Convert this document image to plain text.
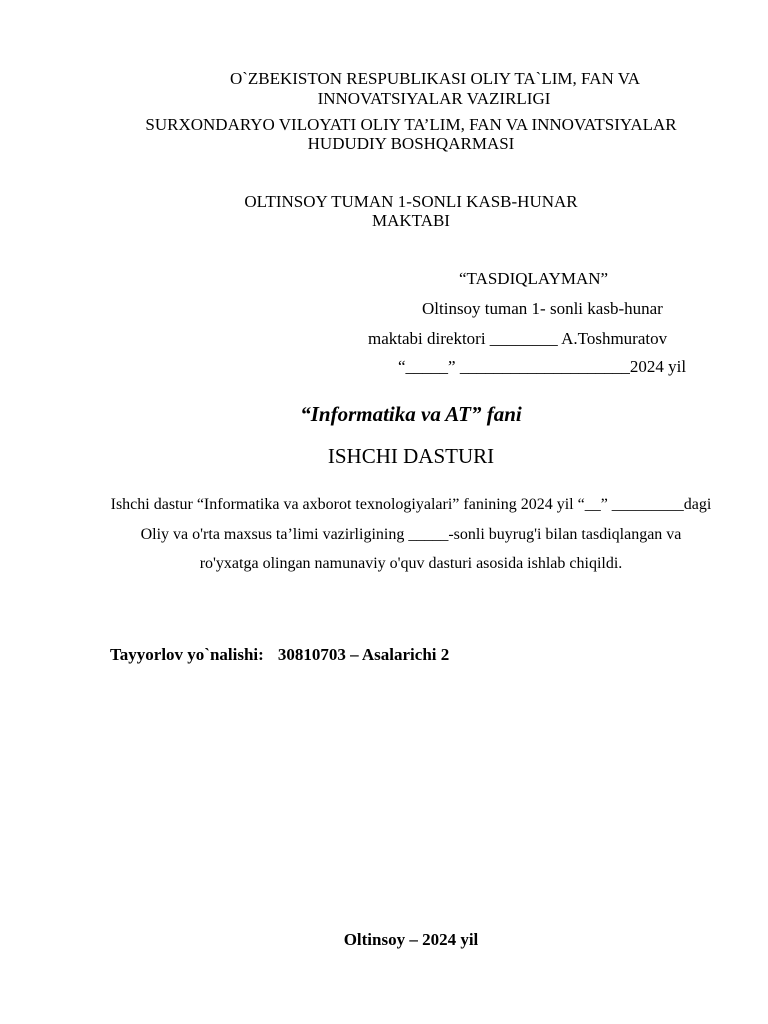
O`ZBEKISTON RESPUBLIKASI OLIY TA`LIM, FAN VA
INNOVATSIYALAR VAZIRLIGI
SURXONDARYO VILOYATI OLIY TA’LIM, FAN VA INNOVATSIYALAR
HUDUDIY BOSHQARMASI
OLTINSOY TUMAN 1-SONLI KASB-HUNAR
MAKTABI
“TASDIQLAYMAN”
Oltinsoy tuman 1- sonli kasb-hunar
maktabi direktori ________ A.Toshmuratov
“_____” ____________________2024 yil
“Informatika va AT” fani
ISHCHI DASTURI
Ishchi dastur “Informatika va axborot texnologiyalari” fanining 2024 yil “__” _________dagi Oliy va o'rta maxsus ta’limi vazirligining _____-sonli buyrug'i bilan tasdiqlangan va ro'yxatga olingan namunaviy o'quv dasturi asosida ishlab chiqildi.
Tayyorlov yo`nalishi: 30810703 – Asalarichi 2
Oltinsoy – 2024 yil
